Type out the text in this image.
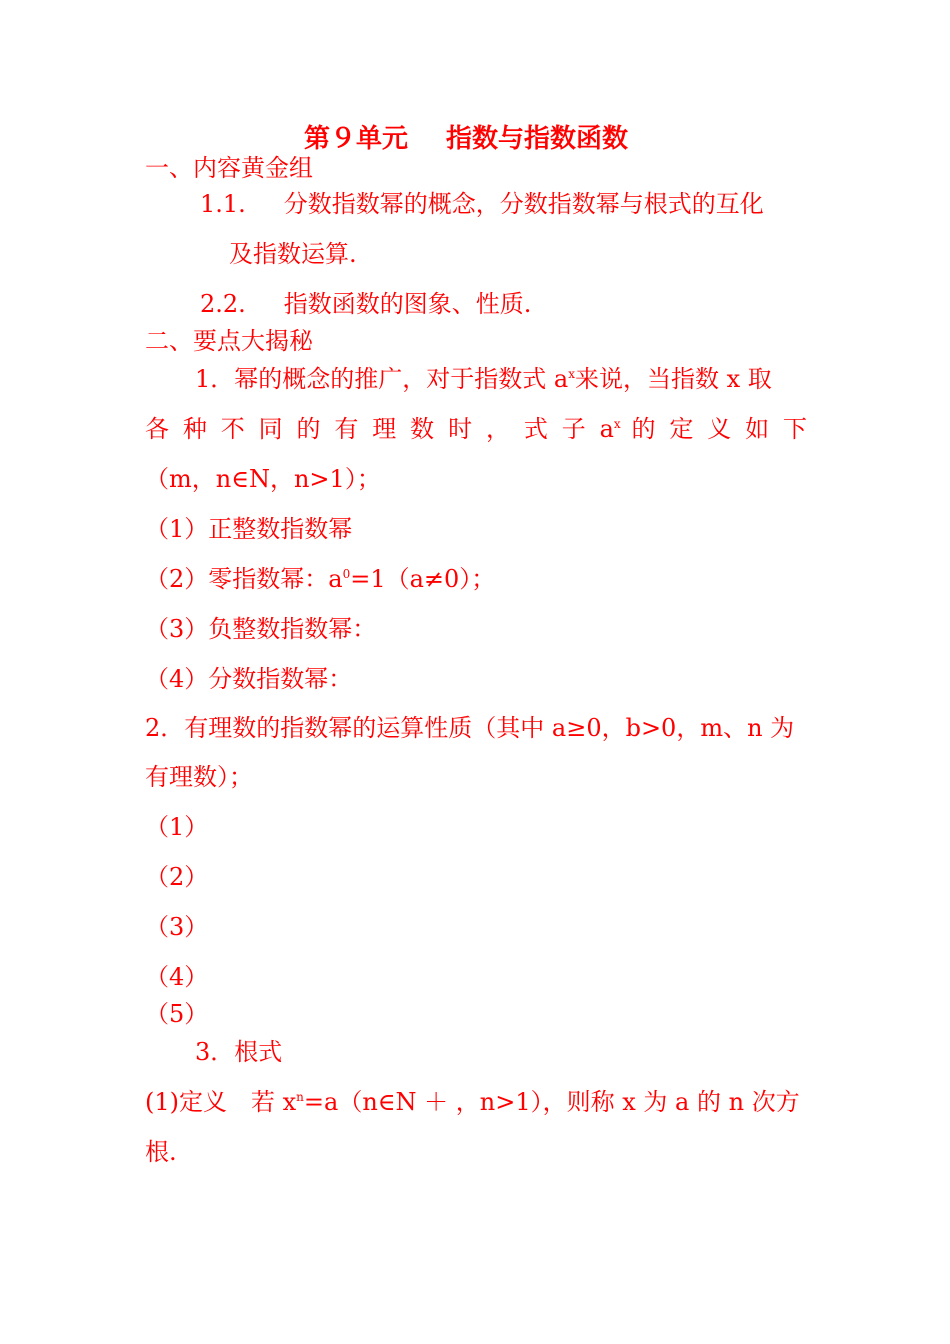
第９单元 指数与指数函数
一、内容黄金组
1.1. 分数指数幂的概念，分数指数幂与根式的互化
及指数运算.
2.2. 指数函数的图象、性质.
二、要点大揭秘
1．幂的概念的推广，对于指数式 $a^x$来说，当指数 x 取
各 种 不 同 的 有 理 数 时 ， 式 子 $a^x$ 的 定 义 如 下
（m，n∈N，n>1）；
（1）正整数指数幂
（2）零指数幂：$a^0=1(a\ne 0)$；
（3）负整数指数幂：
（4）分数指数幂：
2．有理数的指数幂的运算性质（其中 a≥0，b>0，m、n 为
有理数）；
（1）
（2）
（3）
（4）
（5）
3．根式
(1)定义 若 $x^n=a(n\in N$ ＋ ，n>1），则称 x 为 a 的 n 次方
根.
